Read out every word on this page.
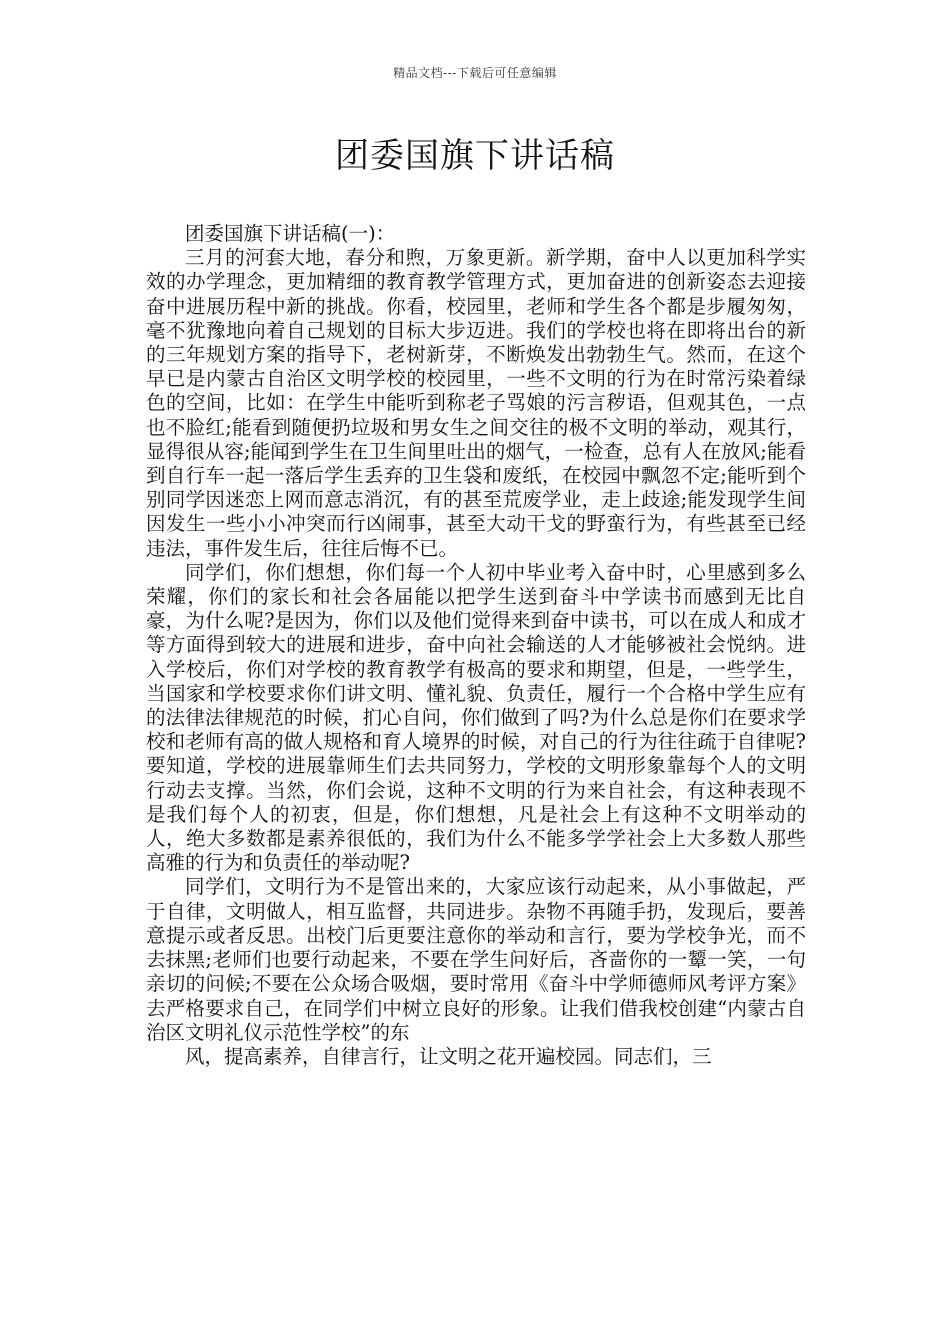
精品文档---下载后可任意编辑
团委国旗下讲话稿

团委国旗下讲话稿(一)：

三月的河套大地，春分和煦，万象更新。新学期，奋中人以更加科学实效的办学理念，更加精细的教育教学管理方式，更加奋进的创新姿态去迎接奋中进展历程中新的挑战。你看，校园里，老师和学生各个都是步履匆匆，毫不犹豫地向着自己规划的目标大步迈进。我们的学校也将在即将出台的新的三年规划方案的指导下，老树新芽，不断焕发出勃勃生气。然而，在这个早已是内蒙古自治区文明学校的校园里，一些不文明的行为在时常污染着绿色的空间，比如：在学生中能听到称老子骂娘的污言秽语，但观其色，一点也不脸红;能看到随便扔垃圾和男女生之间交往的极不文明的举动，观其行，显得很从容;能闻到学生在卫生间里吐出的烟气，一检查，总有人在放风;能看到自行车一起一落后学生丢弃的卫生袋和废纸，在校园中飘忽不定;能听到个别同学因迷恋上网而意志消沉，有的甚至荒废学业，走上歧途;能发现学生间因发生一些小小冲突而行凶闹事，甚至大动干戈的野蛮行为，有些甚至已经违法，事件发生后，往往后悔不已。

同学们，你们想想，你们每一个人初中毕业考入奋中时，心里感到多么荣耀，你们的家长和社会各届能以把学生送到奋斗中学读书而感到无比自豪，为什么呢?是因为，你们以及他们觉得来到奋中读书，可以在成人和成才等方面得到较大的进展和进步，奋中向社会输送的人才能够被社会悦纳。进入学校后，你们对学校的教育教学有极高的要求和期望，但是，一些学生，当国家和学校要求你们讲文明、懂礼貌、负责任，履行一个合格中学生应有的法律法律规范的时候，扪心自问，你们做到了吗?为什么总是你们在要求学校和老师有高的做人规格和育人境界的时候，对自己的行为往往疏于自律呢?要知道，学校的进展靠师生们去共同努力，学校的文明形象靠每个人的文明行动去支撑。当然，你们会说，这种不文明的行为来自社会，有这种表现不是我们每个人的初衷，但是，你们想想，凡是社会上有这种不文明举动的人，绝大多数都是素养很低的，我们为什么不能多学学社会上大多数人那些高雅的行为和负责任的举动呢?

同学们，文明行为不是管出来的，大家应该行动起来，从小事做起，严于自律，文明做人，相互监督，共同进步。杂物不再随手扔，发现后，要善意提示或者反思。出校门后更要注意你的举动和言行，要为学校争光，而不去抹黑;老师们也要行动起来，不要在学生问好后，吝啬你的一颦一笑，一句亲切的问候;不要在公众场合吸烟，要时常用《奋斗中学师德师风考评方案》去严格要求自己，在同学们中树立良好的形象。让我们借我校创建“内蒙古自治区文明礼仪示范性学校”的东

风，提高素养，自律言行，让文明之花开遍校园。同志们，三
